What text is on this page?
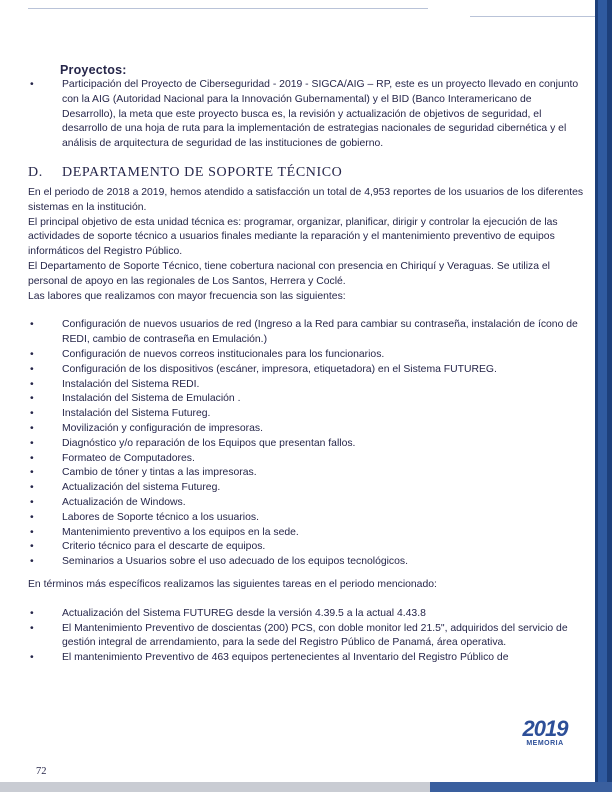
Proyectos:
•	Participación del Proyecto de Ciberseguridad - 2019 - SIGCA/AIG – RP, este es un proyecto llevado en conjunto con la AIG (Autoridad Nacional para la Innovación Gubernamental) y el BID (Banco Interamericano de Desarrollo), la meta que este proyecto busca es, la revisión y actualización de objetivos de seguridad, el desarrollo de una hoja de ruta para la implementación de estrategias nacionales de seguridad cibernética y el análisis de arquitectura de seguridad de las instituciones de gobierno.
D. DEPARTAMENTO DE SOPORTE TÉCNICO

En el periodo de 2018 a 2019, hemos atendido a satisfacción un total de 4,953 reportes de los usuarios de los diferentes sistemas en la institución.

El principal objetivo de esta unidad técnica es: programar, organizar, planificar, dirigir y controlar la ejecución de las actividades de soporte técnico a usuarios finales mediante la reparación y el mantenimiento preventivo de equipos informáticos del Registro Público.

El Departamento de Soporte Técnico, tiene cobertura nacional con presencia en Chiriquí y Veraguas. Se utiliza el personal de apoyo en las regionales de Los Santos, Herrera y Coclé.

Las labores que realizamos con mayor frecuencia son las siguientes:

•	Configuración de nuevos usuarios de red (Ingreso a la Red para cambiar su contraseña, instalación de ícono de REDI, cambio de contraseña en Emulación.)
•	Configuración de nuevos correos institucionales para los funcionarios.
•	Configuración de los dispositivos (escáner, impresora, etiquetadora) en el Sistema FUTUREG.
•	Instalación del Sistema REDI.
•	Instalación del Sistema de Emulación .
•	Instalación del Sistema Futureg.
•	Movilización y configuración de impresoras.
•	Diagnóstico y/o reparación de los Equipos que presentan fallos.
•	Formateo de Computadores.
•	Cambio de tóner y tintas a las impresoras.
•	Actualización del sistema Futureg.
•	Actualización de Windows.
•	Labores de Soporte técnico a los usuarios.
•	Mantenimiento preventivo a los equipos en la sede.
•	Criterio técnico para el descarte de equipos.
•	Seminarios a Usuarios sobre el uso adecuado de los equipos tecnológicos.

En términos más específicos realizamos las siguientes tareas en el periodo mencionado:

•	Actualización del Sistema FUTUREG desde la versión 4.39.5 a la actual 4.43.8
•	El Mantenimiento Preventivo de doscientas (200) PCS, con doble monitor led 21.5", adquiridos del servicio de gestión integral de arrendamiento, para la sede del Registro Público de Panamá, área operativa.
•	El mantenimiento Preventivo de 463 equipos pertenecientes al Inventario del Registro Público de
2019
MEMORIA
72
